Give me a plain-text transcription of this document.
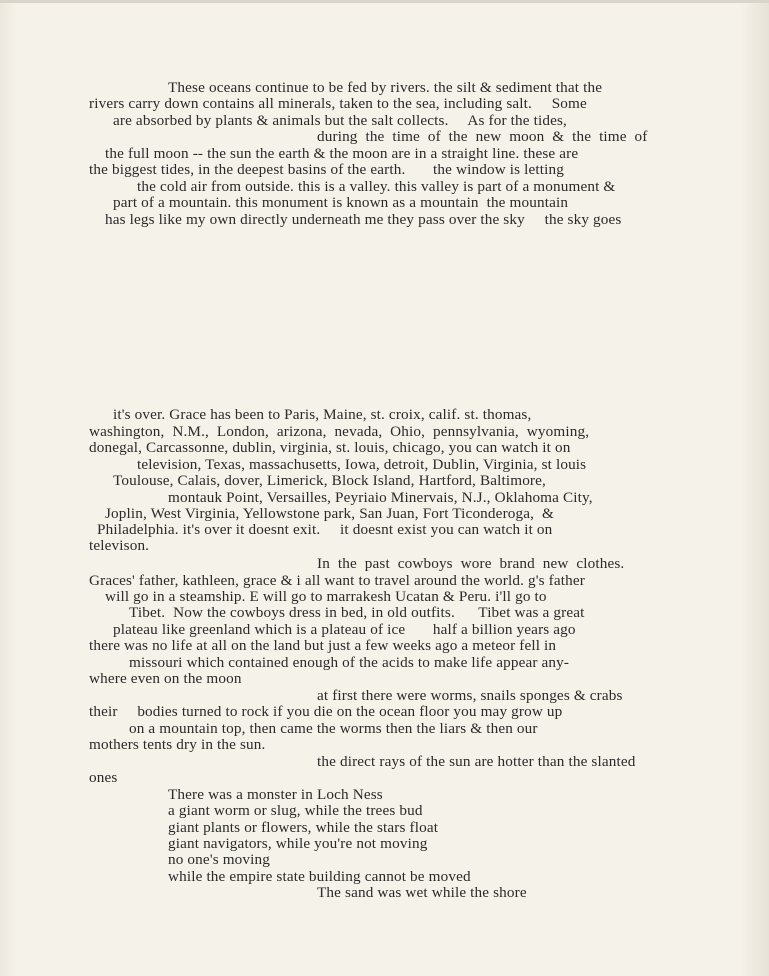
These oceans continue to be fed by rivers. the silt & sediment that the
rivers carry down contains all minerals, taken to the sea, including salt.     Some
are absorbed by plants & animals but the salt collects.     As for the tides,
during  the  time  of  the  new  moon  &  the  time  of
the full moon -- the sun the earth & the moon are in a straight line. these are
the biggest tides, in the deepest basins of the earth.       the window is letting
the cold air from outside. this is a valley. this valley is part of a monument &
part of a mountain. this monument is known as a mountain  the mountain
has legs like my own directly underneath me they pass over the sky     the sky goes
it's over. Grace has been to Paris, Maine, st. croix, calif. st. thomas,
washington,  N.M.,  London,  arizona,  nevada,  Ohio,  pennsylvania,  wyoming,
donegal, Carcassonne, dublin, virginia, st. louis, chicago, you can watch it on
television, Texas, massachusetts, Iowa, detroit, Dublin, Virginia, st louis
Toulouse, Calais, dover, Limerick, Block Island, Hartford, Baltimore,
montauk Point, Versailles, Peyriaio Minervais, N.J., Oklahoma City,
Joplin, West Virginia, Yellowstone park, San Juan, Fort Ticonderoga,  &
Philadelphia. it's over it doesnt exit.     it doesnt exist you can watch it on
televison.
In  the  past  cowboys  wore  brand  new  clothes.
Graces' father, kathleen, grace & i all want to travel around the world. g's father
will go in a steamship. E will go to marrakesh Ucatan & Peru. i'll go to
Tibet.  Now the cowboys dress in bed, in old outfits.      Tibet was a great
plateau like greenland which is a plateau of ice       half a billion years ago
there was no life at all on the land but just a few weeks ago a meteor fell in
missouri which contained enough of the acids to make life appear any-
where even on the moon
at first there were worms, snails sponges & crabs
their     bodies turned to rock if you die on the ocean floor you may grow up
on a mountain top, then came the worms then the liars & then our
mothers tents dry in the sun.
the direct rays of the sun are hotter than the slanted
ones
There was a monster in Loch Ness
a giant worm or slug, while the trees bud
giant plants or flowers, while the stars float
giant navigators, while you're not moving
no one's moving
while the empire state building cannot be moved
The sand was wet while the shore
